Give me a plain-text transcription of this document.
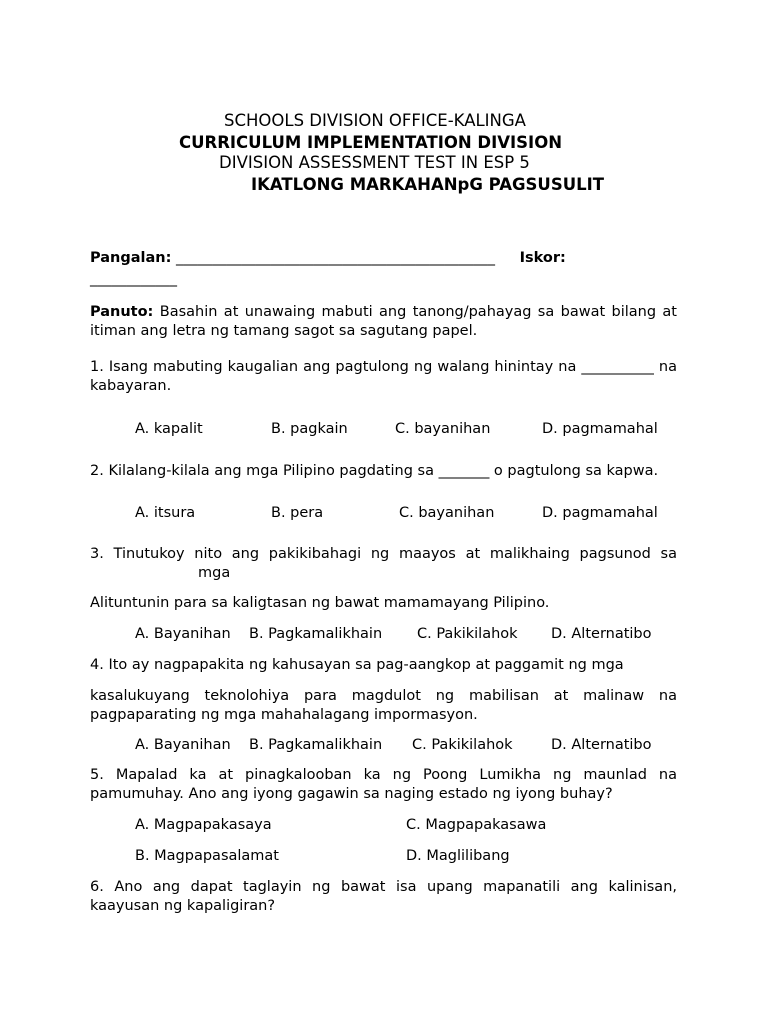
SCHOOLS DIVISION OFFICE-KALINGA
CURRICULUM IMPLEMENTATION DIVISION
DIVISION ASSESSMENT TEST IN ESP 5
IKATLONG MARKAHANpG PAGSUSULIT
Pangalan: ____________________________________________ Iskor:
____________
Panuto: Basahin at unawaing mabuti ang tanong/pahayag sa bawat bilang at itiman ang letra ng tamang sagot sa sagutang papel.
1. Isang mabuting kaugalian ang pagtulong ng walang hinintay na __________ na kabayaran.
A. kapalit	B. pagkain	C. bayanihan	D. pagmamahal
2. Kilalang-kilala ang mga Pilipino pagdating sa _______ o pagtulong sa kapwa.
A. itsura	B. pera	C. bayanihan	D. pagmamahal
3. Tinutukoy nito ang pakikibahagi ng maayos at malikhaing pagsunod sa
mga
Alituntunin para sa kaligtasan ng bawat mamamayang Pilipino.
A. Bayanihan B. Pagkamalikhain C. Pakikilahok D. Alternatibo
4. Ito ay nagpapakita ng kahusayan sa pag-aangkop at paggamit ng mga
kasalukuyang teknolohiya para magdulot ng mabilisan at malinaw na pagpaparating ng mga mahahalagang impormasyon.
A. Bayanihan B. Pagkamalikhain C. Pakikilahok	D. Alternatibo
5. Mapalad ka at pinagkalooban ka ng Poong Lumikha ng maunlad na pamumuhay. Ano ang iyong gagawin sa naging estado ng iyong buhay?
A. Magpapakasaya	C. Magpapakasawa
B. Magpapasalamat	D. Maglilibang
6. Ano ang dapat taglayin ng bawat isa upang mapanatili ang kalinisan, kaayusan ng kapaligiran?
